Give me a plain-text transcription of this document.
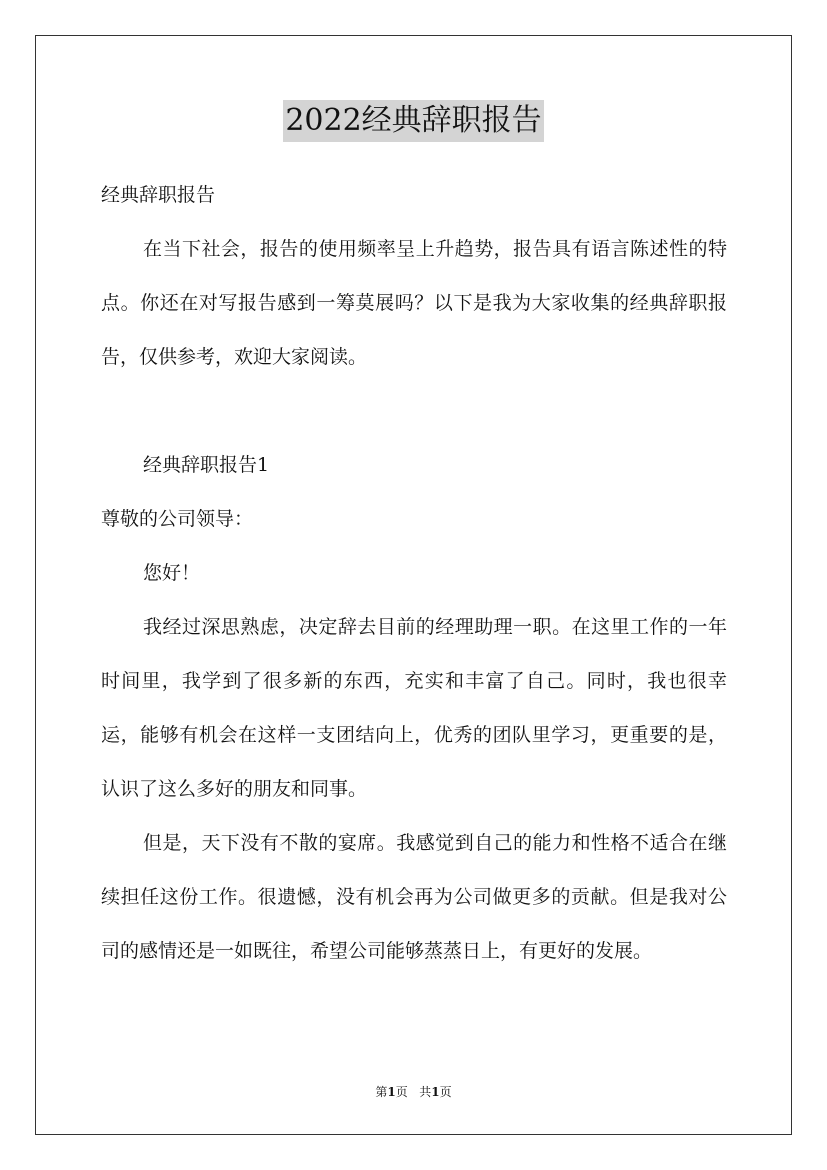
2022经典辞职报告

经典辞职报告

在当下社会，报告的使用频率呈上升趋势，报告具有语言陈述性的特点。你还在对写报告感到一筹莫展吗？以下是我为大家收集的经典辞职报告，仅供参考，欢迎大家阅读。

经典辞职报告1

尊敬的公司领导：

您好！

我经过深思熟虑，决定辞去目前的经理助理一职。在这里工作的一年时间里，我学到了很多新的东西，充实和丰富了自己。同时，我也很幸运，能够有机会在这样一支团结向上，优秀的团队里学习，更重要的是，认识了这么多好的朋友和同事。

但是，天下没有不散的宴席。我感觉到自己的能力和性格不适合在继续担任这份工作。很遗憾，没有机会再为公司做更多的贡献。但是我对公司的感情还是一如既往，希望公司能够蒸蒸日上，有更好的发展。

第1页 共1页
